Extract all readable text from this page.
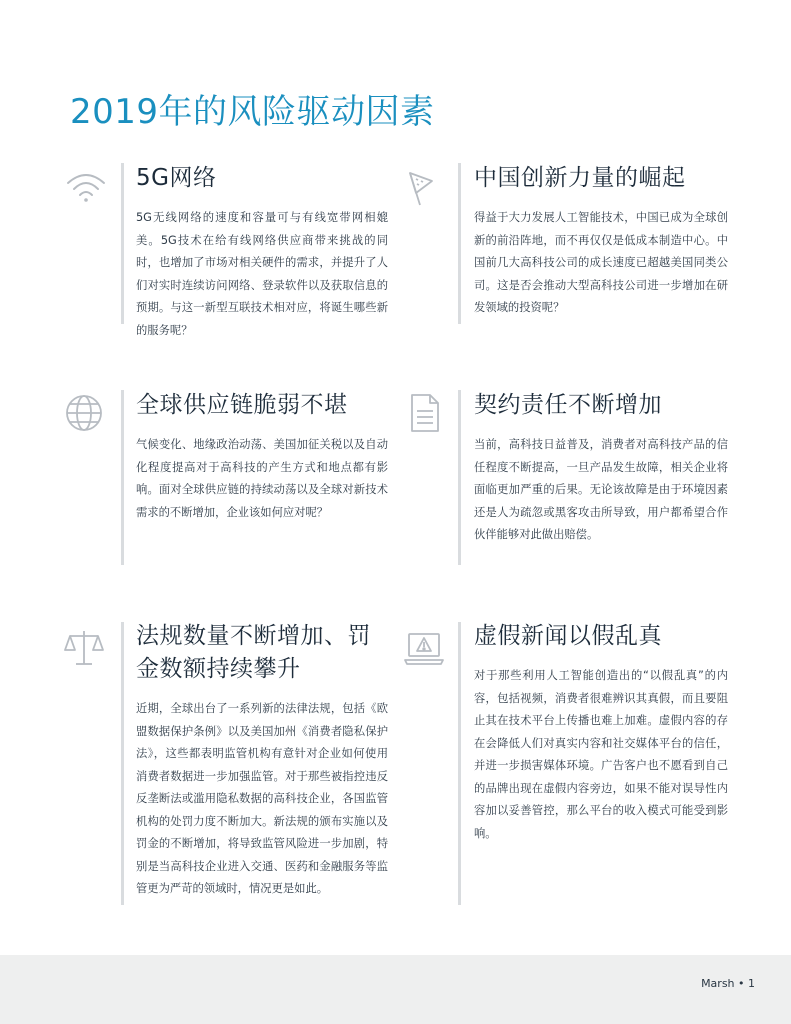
2019年的风险驱动因素
5G网络

5G无线网络的速度和容量可与有线宽带网相媲美。5G技术在给有线网络供应商带来挑战的同时，也增加了市场对相关硬件的需求，并提升了人们对实时连续访问网络、登录软件以及获取信息的预期。与这一新型互联技术相对应，将诞生哪些新的服务呢？

中国创新力量的崛起

得益于大力发展人工智能技术，中国已成为全球创新的前沿阵地，而不再仅仅是低成本制造中心。中国前几大高科技公司的成长速度已超越美国同类公司。这是否会推动大型高科技公司进一步增加在研发领域的投资呢？

全球供应链脆弱不堪

气候变化、地缘政治动荡、美国加征关税以及自动化程度提高对于高科技的产生方式和地点都有影响。面对全球供应链的持续动荡以及全球对新技术需求的不断增加，企业该如何应对呢？

契约责任不断增加

当前，高科技日益普及，消费者对高科技产品的信任程度不断提高，一旦产品发生故障，相关企业将面临更加严重的后果。无论该故障是由于环境因素还是人为疏忽或黑客攻击所导致，用户都希望合作伙伴能够对此做出赔偿。

法规数量不断增加、罚金数额持续攀升

近期，全球出台了一系列新的法律法规，包括《欧盟数据保护条例》以及美国加州《消费者隐私保护法》，这些都表明监管机构有意针对企业如何使用消费者数据进一步加强监管。对于那些被指控违反反垄断法或滥用隐私数据的高科技企业，各国监管机构的处罚力度不断加大。新法规的颁布实施以及罚金的不断增加，将导致监管风险进一步加剧，特别是当高科技企业进入交通、医药和金融服务等监管更为严苛的领域时，情况更是如此。

虚假新闻以假乱真

对于那些利用人工智能创造出的“以假乱真”的内容，包括视频，消费者很难辨识其真假，而且要阻止其在技术平台上传播也难上加难。虚假内容的存在会降低人们对真实内容和社交媒体平台的信任，并进一步损害媒体环境。广告客户也不愿看到自己的品牌出现在虚假内容旁边，如果不能对误导性内容加以妥善管控，那么平台的收入模式可能受到影响。

Marsh • 1
